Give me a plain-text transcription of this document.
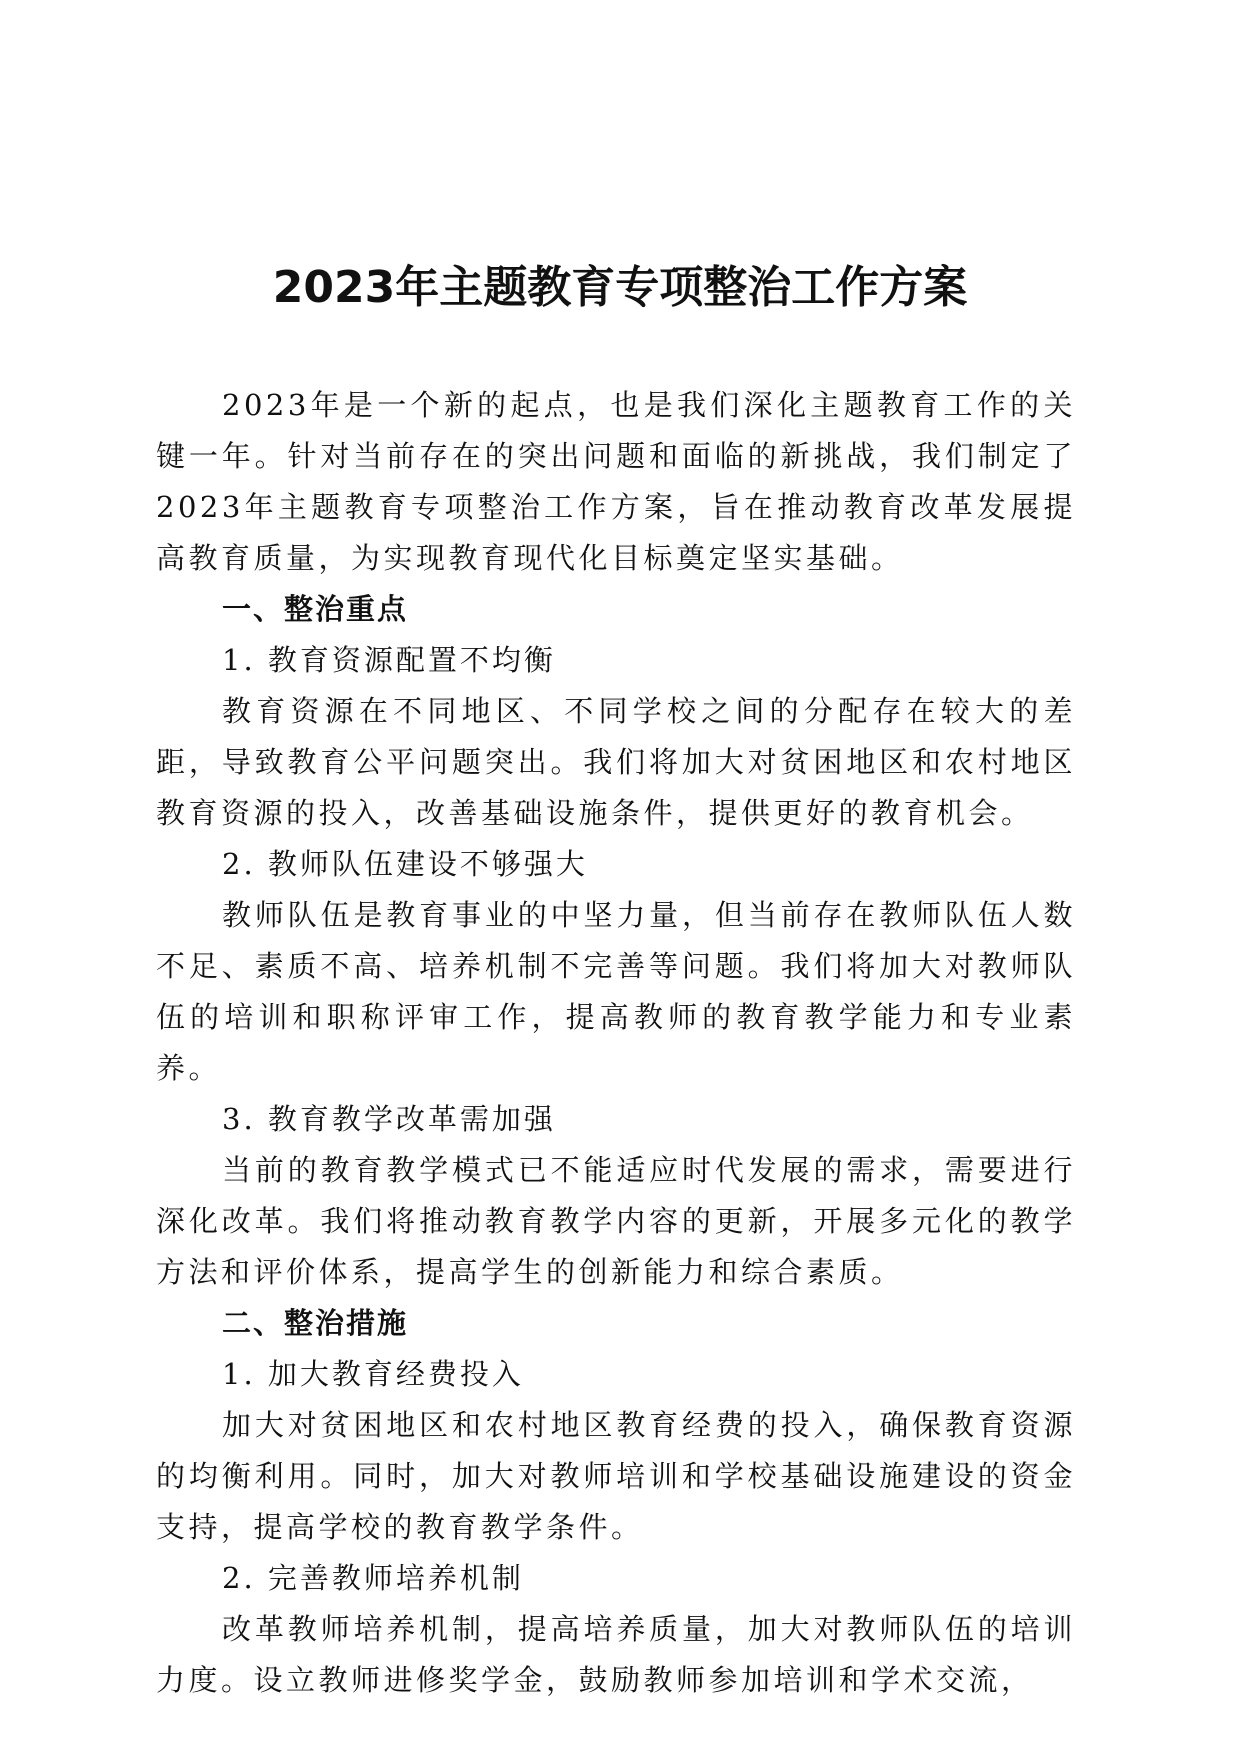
2023年主题教育专项整治工作方案

2023年是一个新的起点，也是我们深化主题教育工作的关键一年。针对当前存在的突出问题和面临的新挑战，我们制定了2023年主题教育专项整治工作方案，旨在推动教育改革发展提高教育质量，为实现教育现代化目标奠定坚实基础。

一、整治重点

1. 教育资源配置不均衡

教育资源在不同地区、不同学校之间的分配存在较大的差距，导致教育公平问题突出。我们将加大对贫困地区和农村地区教育资源的投入，改善基础设施条件，提供更好的教育机会。

2. 教师队伍建设不够强大

教师队伍是教育事业的中坚力量，但当前存在教师队伍人数不足、素质不高、培养机制不完善等问题。我们将加大对教师队伍的培训和职称评审工作，提高教师的教育教学能力和专业素养。

3. 教育教学改革需加强

当前的教育教学模式已不能适应时代发展的需求，需要进行深化改革。我们将推动教育教学内容的更新，开展多元化的教学方法和评价体系，提高学生的创新能力和综合素质。

二、整治措施

1. 加大教育经费投入

加大对贫困地区和农村地区教育经费的投入，确保教育资源的均衡利用。同时，加大对教师培训和学校基础设施建设的资金支持，提高学校的教育教学条件。

2. 完善教师培养机制

改革教师培养机制，提高培养质量，加大对教师队伍的培训力度。设立教师进修奖学金，鼓励教师参加培训和学术交流，
